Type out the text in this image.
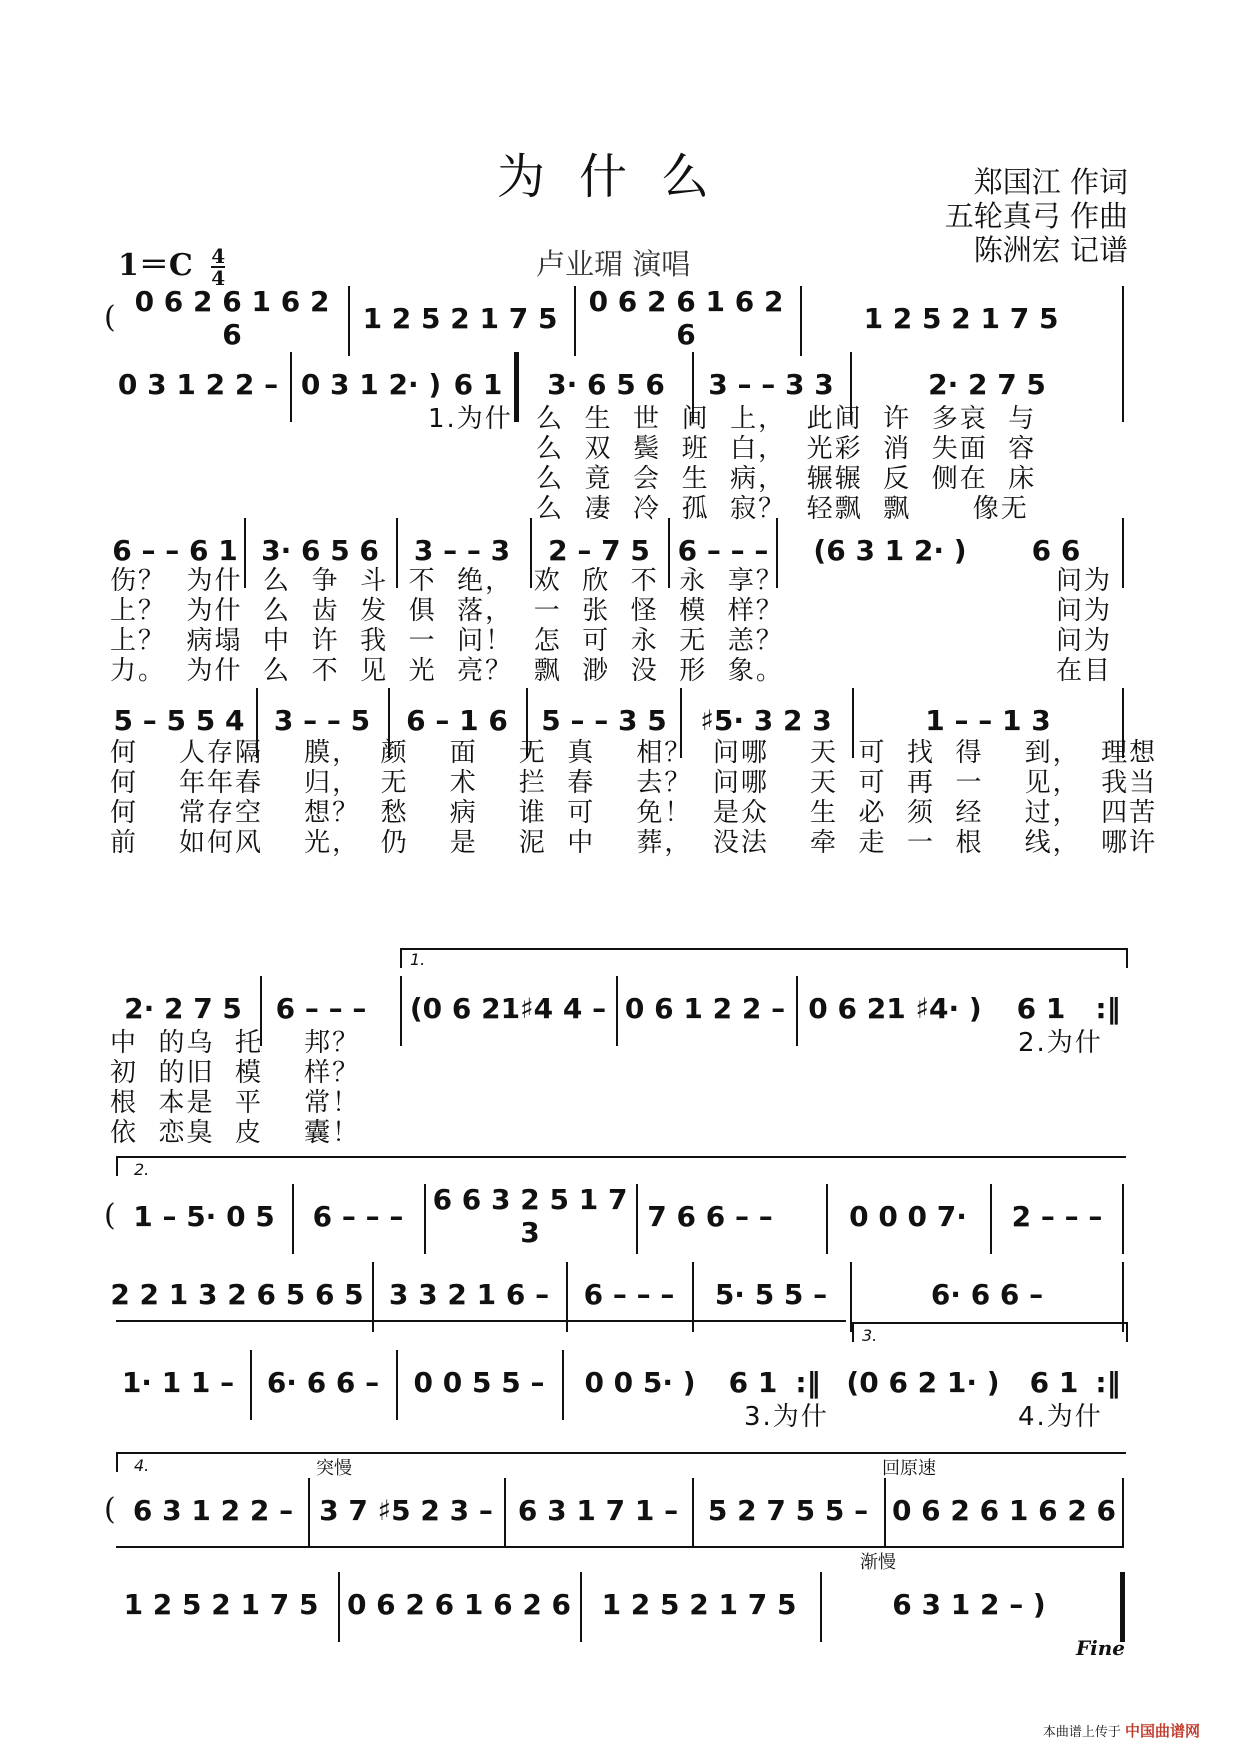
为什么	郑国江 作词
五轮真弓 作曲
陈洲宏 记谱
$1=C \frac{4}{4}$	卢业瑂 演唱
( 0 6 2 6 1 6 2 6	1 2 5 2 1 7 5	0 6 2 6 1 6 2 6	1 2 5 2 1 7 5
0 3 1 2 2 – 0 3 1 2· ) 6 1 3· 6 5 6 3 – – 3 3	2· 2 7 5
1.为什 么  生  世  间  上，  此间  许  多哀  与
么  双  鬓  班  白，  光彩  消  失面  容
么  竟  会  生  病，  辗辗  反  侧在  床
么  凄  冷  孤  寂？  轻飘  飘      像无
6 – – 6 1 3· 6 5 6 3 – – 3 2 – 7 5 6 – – – (6 3 1 2· ) 6 6
伤？  为什  么  争  斗  不  绝，  欢  欣  不  永  享？	问为
上？  为什  么  齿  发  俱  落，  一  张  怪  模  样？	问为
上？  病塌  中  许  我  一  问！  怎  可  永  无  恙？	问为
力。  为什  么  不  见  光  亮？  飘  渺  没  形  象。	在目
5 – 5 5 4 3 – – 5 6 – 1 6 5 – – 3 5 ♯5· 3 2 3	1 – – 1 3
何    人存隔    膜，  颜    面    无  真    相？  问哪    天  可  找  得    到，  理想
何    年年春    归，  无    术    拦  春    去？  问哪    天  可  再  一    见，  我当
何    常存空    想？  愁    病    谁  可    免！  是众    生  必  须  经    过，  四苦
前    如何风    光，  仍    是    泥  中    葬，  没法    牵  走  一  根    线，  哪许
1.
2· 2 7 5 6 – – – (0 6 21♯4 4 – 0 6 1 2 2 – 0 6 21 ♯4· ) 6 1 :‖
中  的乌  托    邦？	2.为什
初  的旧  模    样？
根  本是  平    常！
依  恋臭  皮    囊！
2.
( 1 – 5· 0 5 6 – – – 6 6 3 2 5 1 7 3	7 6 6 – –	0 0 0 7· 2 – – –
2 2 1 3 2 6 5 6 5 3 3 2 1 6 – 6 – – – 5· 5 5 –	6· 6 6 –
3.
1· 1 1 – 6· 6 6 – 0 0 5 5 – 0 0 5· ) 6 1 :‖ (0 6 2 1· ) 6 1 :‖
3.为什	4.为什
4.	突慢	回原速
( 6 3 1 2 2 – 3 7 ♯5 2 3 – 6 3 1 7 1 – 5 2 7 5 5 – 0 6 2 6 1 6 2 6
渐慢
1 2 5 2 1 7 5 0 6 2 6 1 6 2 6 1 2 5 2 1 7 5	6 3 1 2 – )
Fine
本曲谱上传于 中国曲谱网
